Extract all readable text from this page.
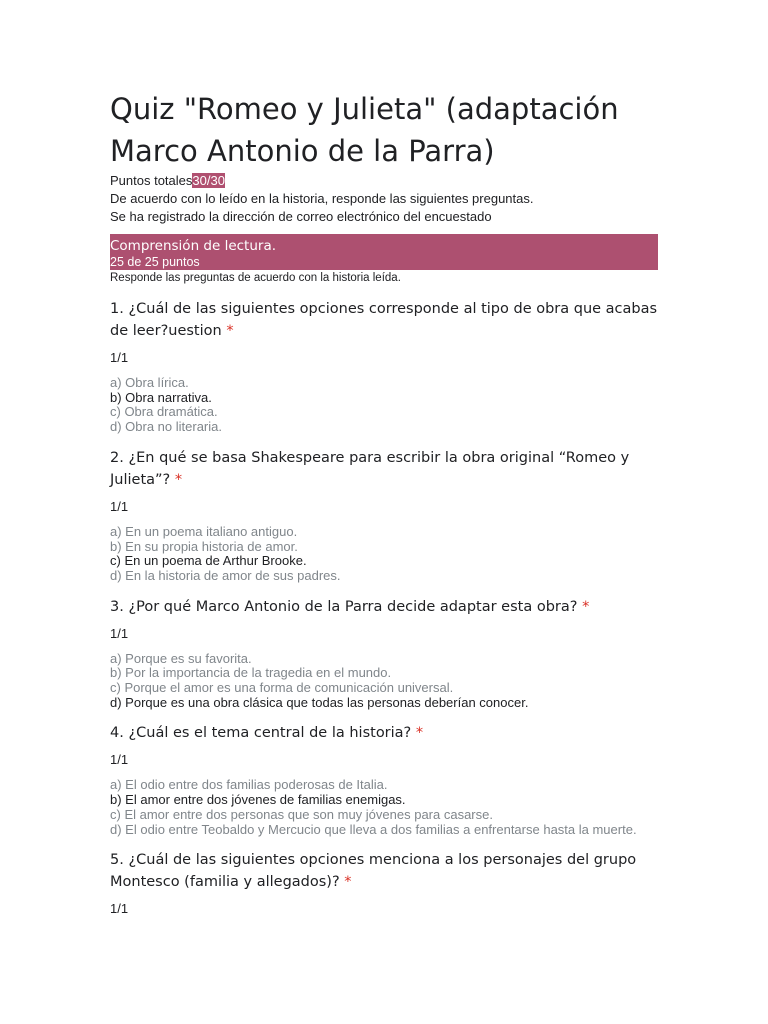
Quiz "Romeo y Julieta" (adaptación Marco Antonio de la Parra)
Puntos totales30/30
De acuerdo con lo leído en la historia, responde las siguientes preguntas.
Se ha registrado la dirección de correo electrónico del encuestado
Comprensión de lectura.
25 de 25 puntos
Responde las preguntas de acuerdo con la historia leída.
1. ¿Cuál de las siguientes opciones corresponde al tipo de obra que acabas de leer?uestion *
1/1
a) Obra lírica.
b) Obra narrativa.
c) Obra dramática.
d) Obra no literaria.
2. ¿En qué se basa Shakespeare para escribir la obra original “Romeo y Julieta”? *
1/1
a) En un poema italiano antiguo.
b) En su propia historia de amor.
c) En un poema de Arthur Brooke.
d) En la historia de amor de sus padres.
3. ¿Por qué Marco Antonio de la Parra decide adaptar esta obra? *
1/1
a) Porque es su favorita.
b) Por la importancia de la tragedia en el mundo.
c) Porque el amor es una forma de comunicación universal.
d) Porque es una obra clásica que todas las personas deberían conocer.
4. ¿Cuál es el tema central de la historia? *
1/1
a) El odio entre dos familias poderosas de Italia.
b) El amor entre dos jóvenes de familias enemigas.
c) El amor entre dos personas que son muy jóvenes para casarse.
d) El odio entre Teobaldo y Mercucio que lleva a dos familias a enfrentarse hasta la muerte.
5. ¿Cuál de las siguientes opciones menciona a los personajes del grupo Montesco (familia y allegados)? *
1/1
